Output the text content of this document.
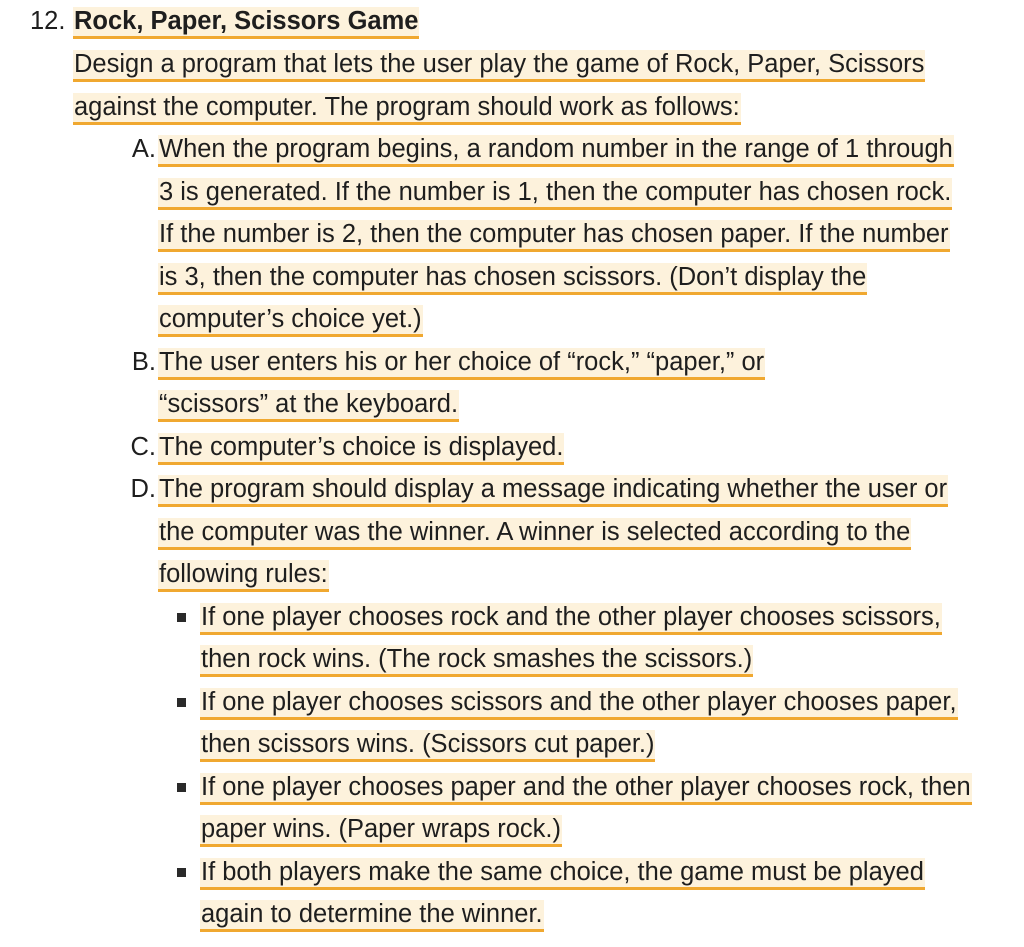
12. Rock, Paper, Scissors Game
Design a program that lets the user play the game of Rock, Paper, Scissors against the computer. The program should work as follows:
A. When the program begins, a random number in the range of 1 through 3 is generated. If the number is 1, then the computer has chosen rock. If the number is 2, then the computer has chosen paper. If the number is 3, then the computer has chosen scissors. (Don’t display the computer’s choice yet.)
B. The user enters his or her choice of “rock,” “paper,” or “scissors” at the keyboard.
C. The computer’s choice is displayed.
D. The program should display a message indicating whether the user or the computer was the winner. A winner is selected according to the following rules:
If one player chooses rock and the other player chooses scissors, then rock wins. (The rock smashes the scissors.)
If one player chooses scissors and the other player chooses paper, then scissors wins. (Scissors cut paper.)
If one player chooses paper and the other player chooses rock, then paper wins. (Paper wraps rock.)
If both players make the same choice, the game must be played again to determine the winner.
